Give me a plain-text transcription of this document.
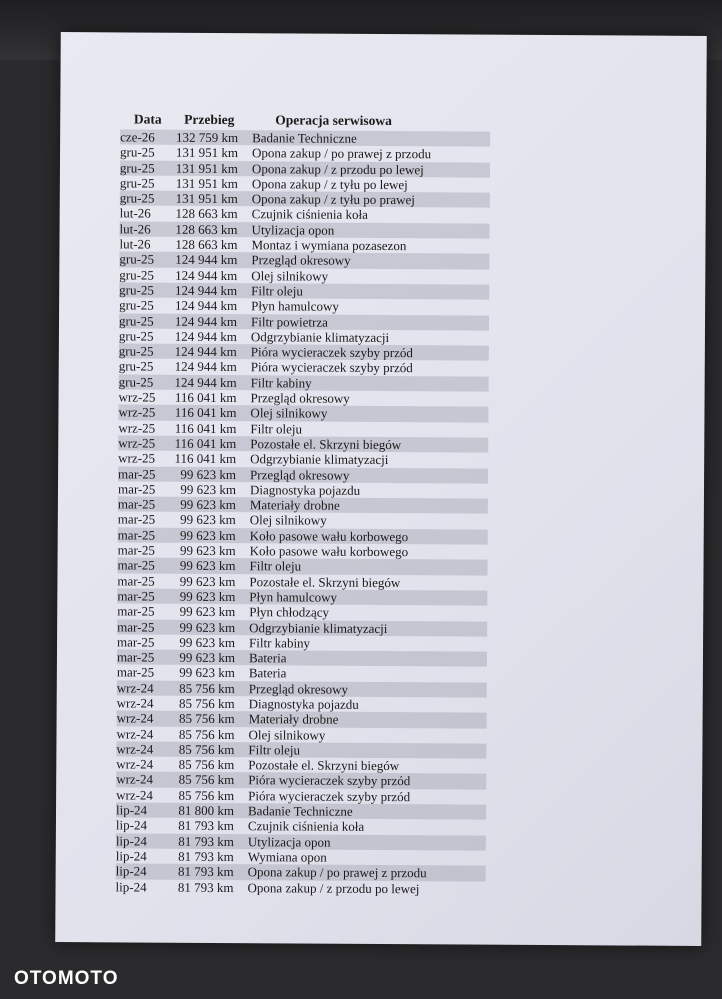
Data	Przebieg	Operacja serwisowa
cze-26	132 759 km	Badanie Techniczne
gru-25	131 951 km	Opona zakup / po prawej z przodu
gru-25	131 951 km	Opona zakup / z przodu po lewej
gru-25	131 951 km	Opona zakup / z tyłu po lewej
gru-25	131 951 km	Opona zakup / z tyłu po prawej
lut-26	128 663 km	Czujnik ciśnienia koła
lut-26	128 663 km	Utylizacja opon
lut-26	128 663 km	Montaz i wymiana pozasezon
gru-25	124 944 km	Przegląd okresowy
gru-25	124 944 km	Olej silnikowy
gru-25	124 944 km	Filtr oleju
gru-25	124 944 km	Płyn hamulcowy
gru-25	124 944 km	Filtr powietrza
gru-25	124 944 km	Odgrzybianie klimatyzacji
gru-25	124 944 km	Pióra wycieraczek szyby przód
gru-25	124 944 km	Pióra wycieraczek szyby przód
gru-25	124 944 km	Filtr kabiny
wrz-25	116 041 km	Przegląd okresowy
wrz-25	116 041 km	Olej silnikowy
wrz-25	116 041 km	Filtr oleju
wrz-25	116 041 km	Pozostałe el. Skrzyni biegów
wrz-25	116 041 km	Odgrzybianie klimatyzacji
mar-25	99 623 km	Przegląd okresowy
mar-25	99 623 km	Diagnostyka pojazdu
mar-25	99 623 km	Materiały drobne
mar-25	99 623 km	Olej silnikowy
mar-25	99 623 km	Koło pasowe wału korbowego
mar-25	99 623 km	Koło pasowe wału korbowego
mar-25	99 623 km	Filtr oleju
mar-25	99 623 km	Pozostałe el. Skrzyni biegów
mar-25	99 623 km	Płyn hamulcowy
mar-25	99 623 km	Płyn chłodzący
mar-25	99 623 km	Odgrzybianie klimatyzacji
mar-25	99 623 km	Filtr kabiny
mar-25	99 623 km	Bateria
mar-25	99 623 km	Bateria
wrz-24	85 756 km	Przegląd okresowy
wrz-24	85 756 km	Diagnostyka pojazdu
wrz-24	85 756 km	Materiały drobne
wrz-24	85 756 km	Olej silnikowy
wrz-24	85 756 km	Filtr oleju
wrz-24	85 756 km	Pozostałe el. Skrzyni biegów
wrz-24	85 756 km	Pióra wycieraczek szyby przód
wrz-24	85 756 km	Pióra wycieraczek szyby przód
lip-24	81 800 km	Badanie Techniczne
lip-24	81 793 km	Czujnik ciśnienia koła
lip-24	81 793 km	Utylizacja opon
lip-24	81 793 km	Wymiana opon
lip-24	81 793 km	Opona zakup / po prawej z przodu
lip-24	81 793 km	Opona zakup / z przodu po lewej
OTOMOTO
